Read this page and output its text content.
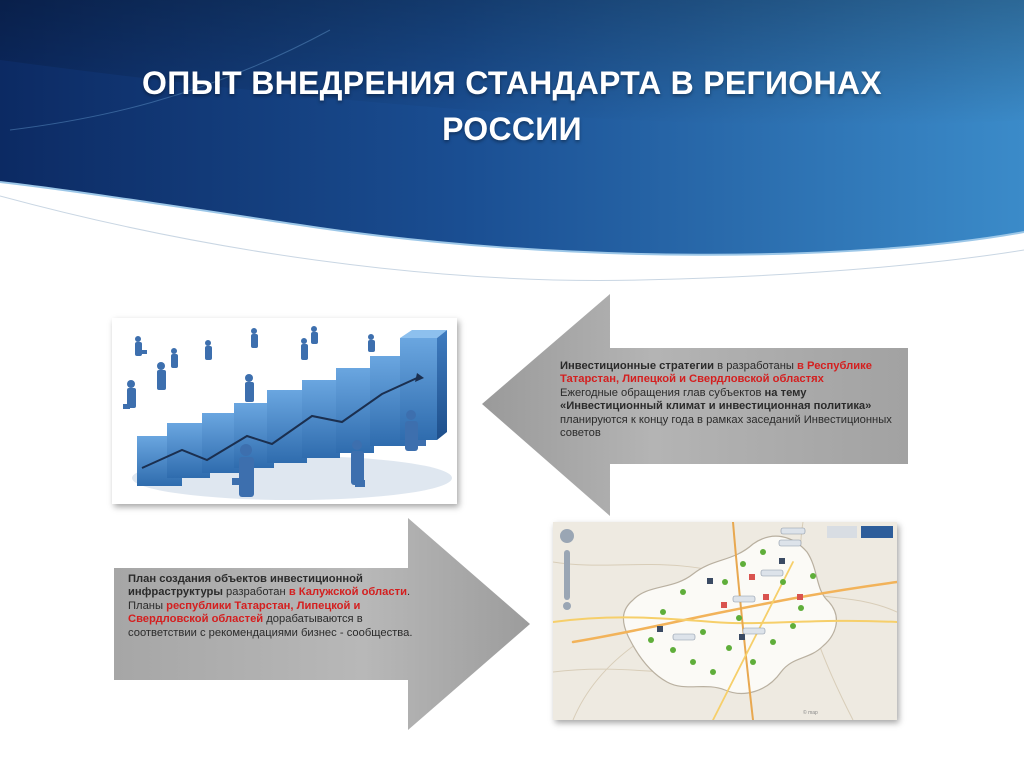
ОПЫТ ВНЕДРЕНИЯ СТАНДАРТА В РЕГИОНАХ
РОССИИ
© map
Инвестиционные стратегии в разработаны в Республике Татарстан, Липецкой и Свердловской областях
Ежегодные обращения глав субъектов на тему «Инвестиционный климат и инвестиционная политика» планируются к концу года в рамках заседаний Инвестиционных советов
План создания объектов инвестиционной инфраструктуры разработан в Калужской области.
Планы республики Татарстан, Липецкой и Свердловской областей дорабатываются в соответствии с рекомендациями бизнес - сообщества.
